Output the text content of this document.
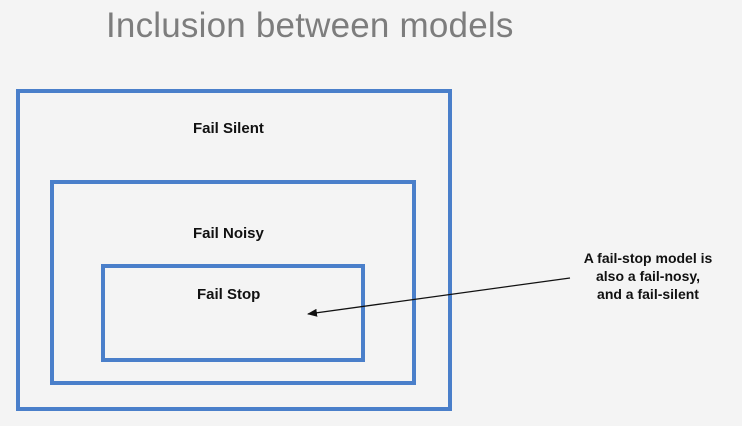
Inclusion between models
Fail Silent
Fail Noisy
Fail Stop
A fail-stop model is
also a fail-nosy,
and a fail-silent
